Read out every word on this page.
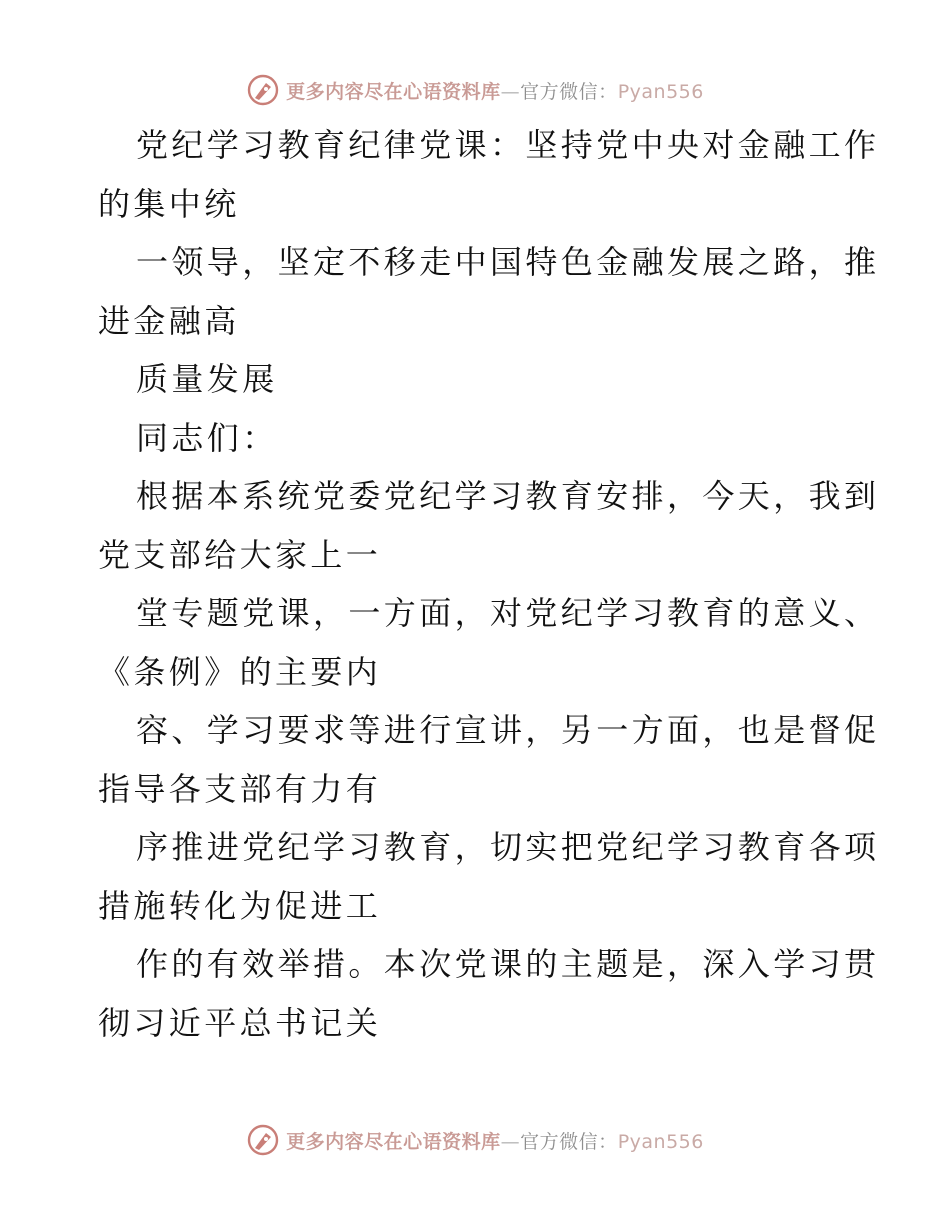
更多内容尽在心语资料库—官方微信：Pyan556
党纪学习教育纪律党课：坚持党中央对金融工作
的集中统
一领导，坚定不移走中国特色金融发展之路，推
进金融高
质量发展
同志们：
根据本系统党委党纪学习教育安排，今天，我到
党支部给大家上一
堂专题党课，一方面，对党纪学习教育的意义、
《条例》的主要内
容、学习要求等进行宣讲，另一方面，也是督促
指导各支部有力有
序推进党纪学习教育，切实把党纪学习教育各项
措施转化为促进工
作的有效举措。本次党课的主题是，深入学习贯
彻习近平总书记关
更多内容尽在心语资料库—官方微信：Pyan556
